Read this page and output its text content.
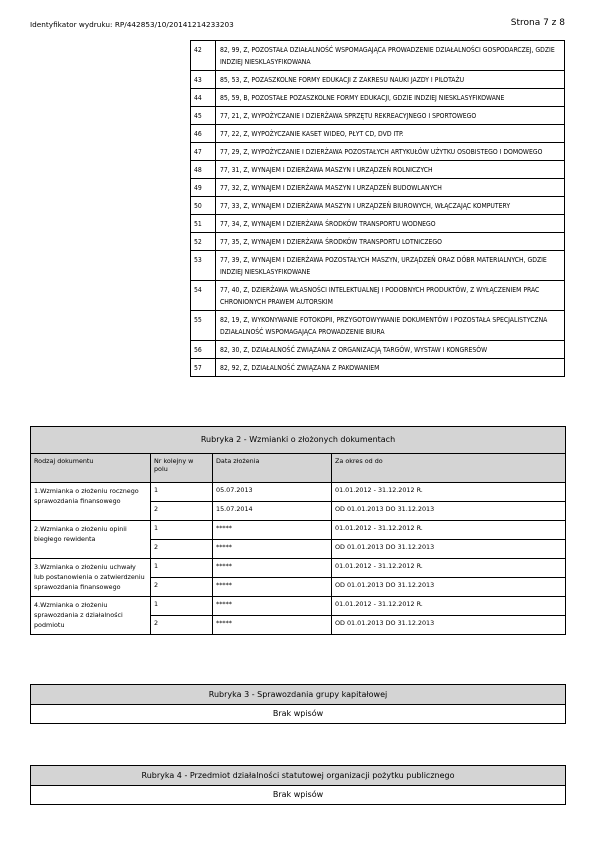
Identyfikator wydruku: RP/442853/10/20141214233203	Strona 7 z 8
42	82, 99, Z, POZOSTAŁA DZIAŁALNOŚĆ WSPOMAGAJĄCA PROWADZENIE DZIAŁALNOŚCI GOSPODARCZEJ, GDZIE INDZIEJ NIESKLASYFIKOWANA
43	85, 53, Z, POZASZKOLNE FORMY EDUKACJI Z ZAKRESU NAUKI JAZDY I PILOTAŻU
44	85, 59, B, POZOSTAŁE POZASZKOLNE FORMY EDUKACJI, GDZIE INDZIEJ NIESKLASYFIKOWANE
45	77, 21, Z, WYPOŻYCZANIE I DZIERŻAWA SPRZĘTU REKREACYJNEGO I SPORTOWEGO
46	77, 22, Z, WYPOŻYCZANIE KASET WIDEO, PŁYT CD, DVD ITP.
47	77, 29, Z, WYPOŻYCZANIE I DZIERŻAWA POZOSTAŁYCH ARTYKUŁÓW UŻYTKU OSOBISTEGO I DOMOWEGO
48	77, 31, Z, WYNAJEM I DZIERŻAWA MASZYN I URZĄDZEŃ ROLNICZYCH
49	77, 32, Z, WYNAJEM I DZIERŻAWA MASZYN I URZĄDZEŃ BUDOWLANYCH
50	77, 33, Z, WYNAJEM I DZIERŻAWA MASZYN I URZĄDZEŃ BIUROWYCH, WŁĄCZAJĄC KOMPUTERY
51	77, 34, Z, WYNAJEM I DZIERŻAWA ŚRODKÓW TRANSPORTU WODNEGO
52	77, 35, Z, WYNAJEM I DZIERŻAWA ŚRODKÓW TRANSPORTU LOTNICZEGO
53	77, 39, Z, WYNAJEM I DZIERŻAWA POZOSTAŁYCH MASZYN, URZĄDZEŃ ORAZ DÓBR MATERIALNYCH, GDZIE INDZIEJ NIESKLASYFIKOWANE
54	77, 40, Z, DZIERŻAWA WŁASNOŚCI INTELEKTUALNEJ I PODOBNYCH PRODUKTÓW, Z WYŁĄCZENIEM PRAC CHRONIONYCH PRAWEM AUTORSKIM
55	82, 19, Z, WYKONYWANIE FOTOKOPII, PRZYGOTOWYWANIE DOKUMENTÓW I POZOSTAŁA SPECJALISTYCZNA DZIAŁALNOŚĆ WSPOMAGAJĄCA PROWADZENIE BIURA
56	82, 30, Z, DZIAŁALNOŚĆ ZWIĄZANA Z ORGANIZACJĄ TARGÓW, WYSTAW I KONGRESÓW
57	82, 92, Z, DZIAŁALNOŚĆ ZWIĄZANA Z PAKOWANIEM
Rubryka 2 - Wzmianki o złożonych dokumentach			
Rodzaj dokumentu	Nr kolejny w polu	Data złożenia	Za okres od do
1.Wzmianka o złożeniu rocznego sprawozdania finansowego	1	05.07.2013	01.01.2012 - 31.12.2012 R.
	2	15.07.2014	OD 01.01.2013 DO 31.12.2013
2.Wzmianka o złożeniu opinii biegłego rewidenta	1	*****	01.01.2012 - 31.12.2012 R.
	2	*****	OD 01.01.2013 DO 31.12.2013
3.Wzmianka o złożeniu uchwały lub postanowienia o zatwierdzeniu sprawozdania finansowego	1	*****	01.01.2012 - 31.12.2012 R.
	2	*****	OD 01.01.2013 DO 31.12.2013
4.Wzmianka o złożeniu sprawozdania z działalności podmiotu	1	*****	01.01.2012 - 31.12.2012 R.
	2	*****	OD 01.01.2013 DO 31.12.2013
Rubryka 3 - Sprawozdania grupy kapitałowej
Brak wpisów
Rubryka 4 - Przedmiot działalności statutowej organizacji pożytku publicznego
Brak wpisów
